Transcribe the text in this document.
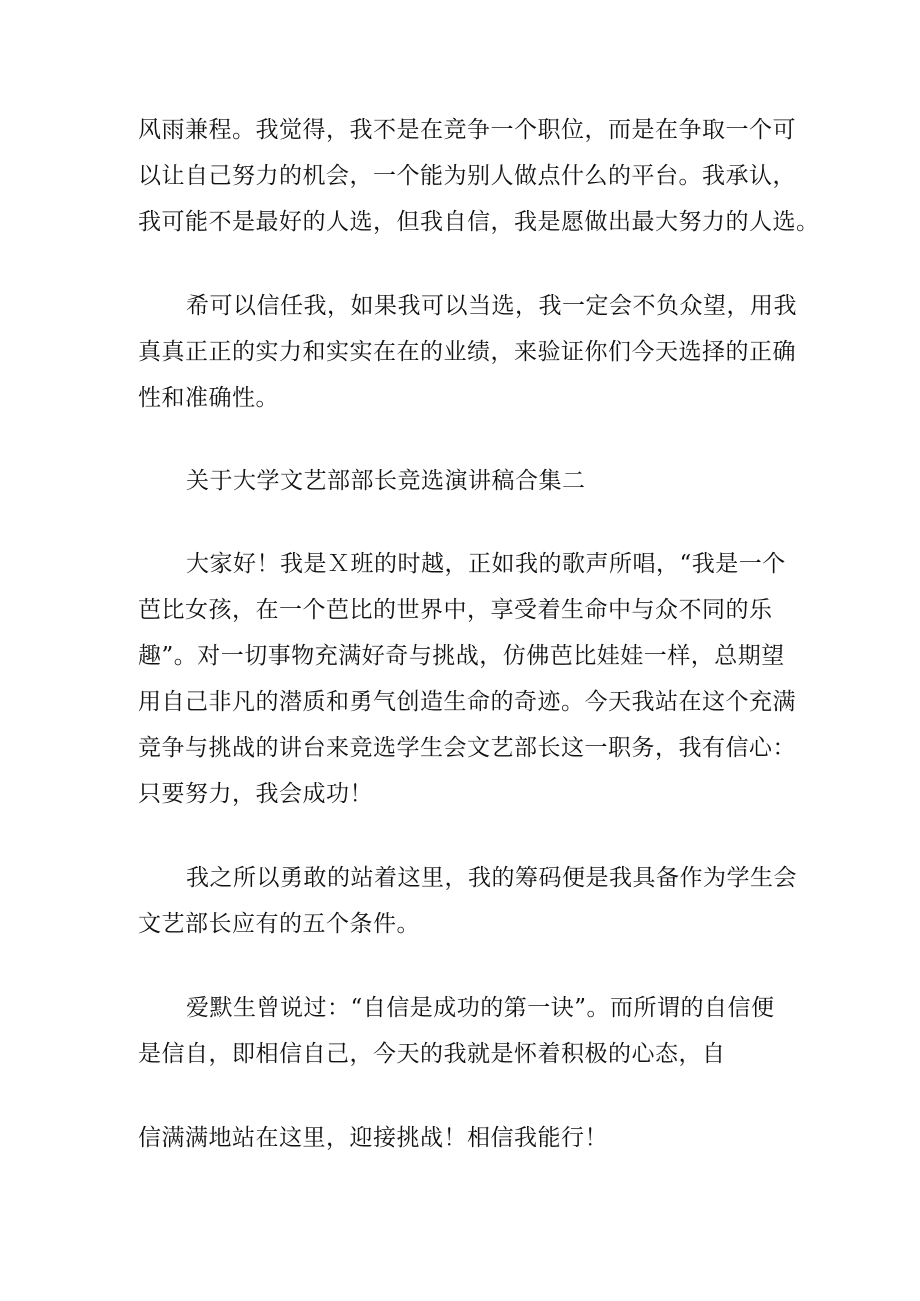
风雨兼程。我觉得，我不是在竞争一个职位，而是在争取一个可
以让自己努力的机会，一个能为别人做点什么的平台。我承认，
我可能不是最好的人选，但我自信，我是愿做出最大努力的人选。
希可以信任我，如果我可以当选，我一定会不负众望，用我
真真正正的实力和实实在在的业绩，来验证你们今天选择的正确
性和准确性。
关于大学文艺部部长竞选演讲稿合集二
大家好！我是Ｘ班的时越，正如我的歌声所唱，“我是一个
芭比女孩，在一个芭比的世界中，享受着生命中与众不同的乐
趣”。对一切事物充满好奇与挑战，仿佛芭比娃娃一样，总期望
用自己非凡的潜质和勇气创造生命的奇迹。今天我站在这个充满
竞争与挑战的讲台来竞选学生会文艺部长这一职务，我有信心：
只要努力，我会成功！
我之所以勇敢的站着这里，我的筹码便是我具备作为学生会
文艺部长应有的五个条件。
爱默生曾说过：“自信是成功的第一诀”。而所谓的自信便
是信自，即相信自己，今天的我就是怀着积极的心态，自
信满满地站在这里，迎接挑战！相信我能行！
